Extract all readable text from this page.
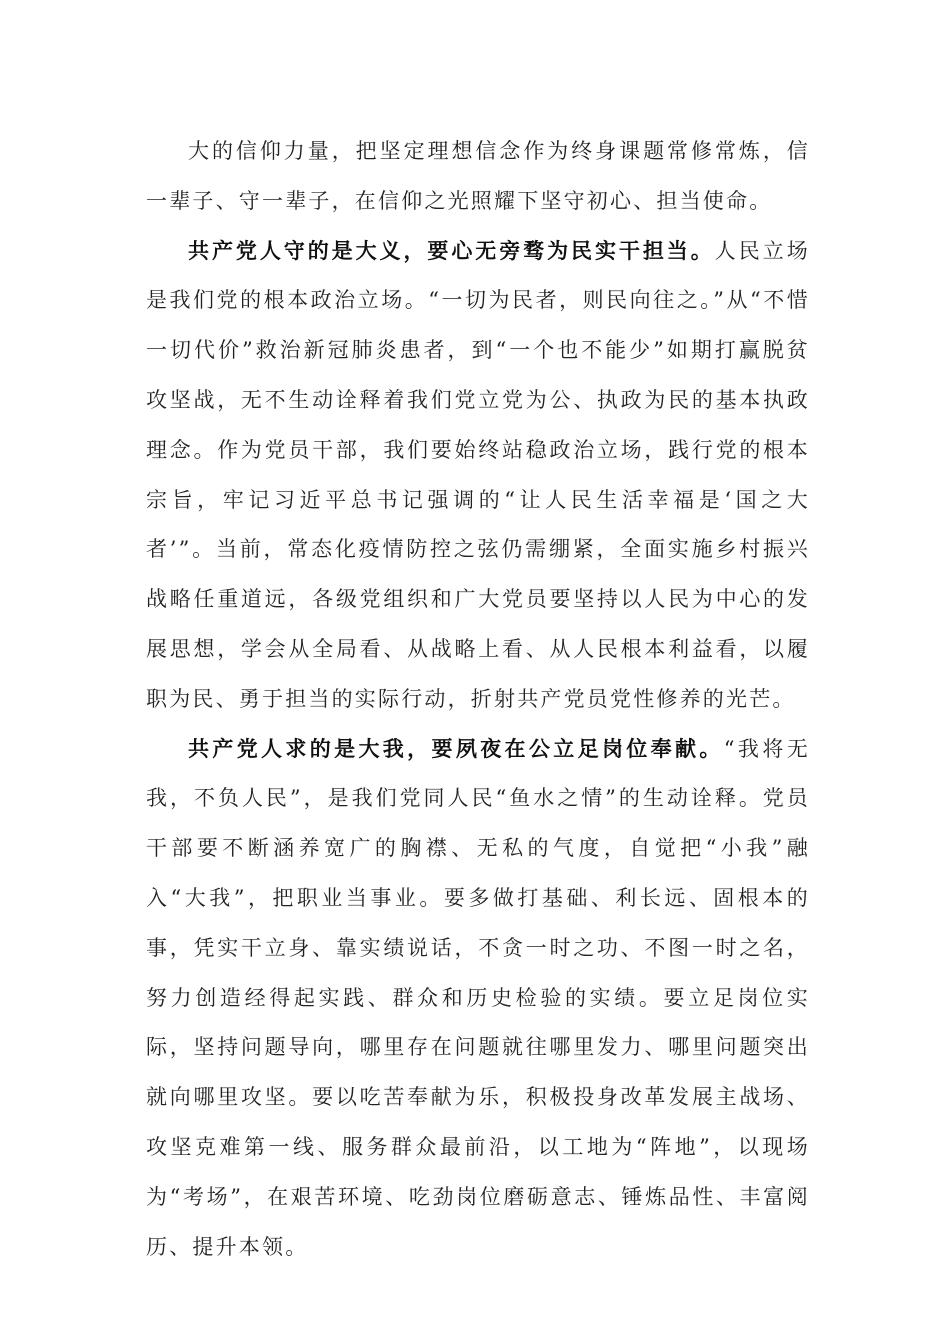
大的信仰力量，把坚定理想信念作为终身课题常修常炼，信一辈子、守一辈子，在信仰之光照耀下坚守初心、担当使命。

共产党人守的是大义，要心无旁骛为民实干担当。人民立场是我们党的根本政治立场。“一切为民者，则民向往之。”从“不惜一切代价”救治新冠肺炎患者，到“一个也不能少”如期打赢脱贫攻坚战，无不生动诠释着我们党立党为公、执政为民的基本执政理念。作为党员干部，我们要始终站稳政治立场，践行党的根本宗旨，牢记习近平总书记强调的“让人民生活幸福是‘国之大者’”。当前，常态化疫情防控之弦仍需绷紧，全面实施乡村振兴战略任重道远，各级党组织和广大党员要坚持以人民为中心的发展思想，学会从全局看、从战略上看、从人民根本利益看，以履职为民、勇于担当的实际行动，折射共产党员党性修养的光芒。

共产党人求的是大我，要夙夜在公立足岗位奉献。“我将无我，不负人民”，是我们党同人民“鱼水之情”的生动诠释。党员干部要不断涵养宽广的胸襟、无私的气度，自觉把“小我”融入“大我”，把职业当事业。要多做打基础、利长远、固根本的事，凭实干立身、靠实绩说话，不贪一时之功、不图一时之名，努力创造经得起实践、群众和历史检验的实绩。要立足岗位实际，坚持问题导向，哪里存在问题就往哪里发力、哪里问题突出就向哪里攻坚。要以吃苦奉献为乐，积极投身改革发展主战场、攻坚克难第一线、服务群众最前沿，以工地为“阵地”，以现场为“考场”，在艰苦环境、吃劲岗位磨砺意志、锤炼品性、丰富阅历、提升本领。
